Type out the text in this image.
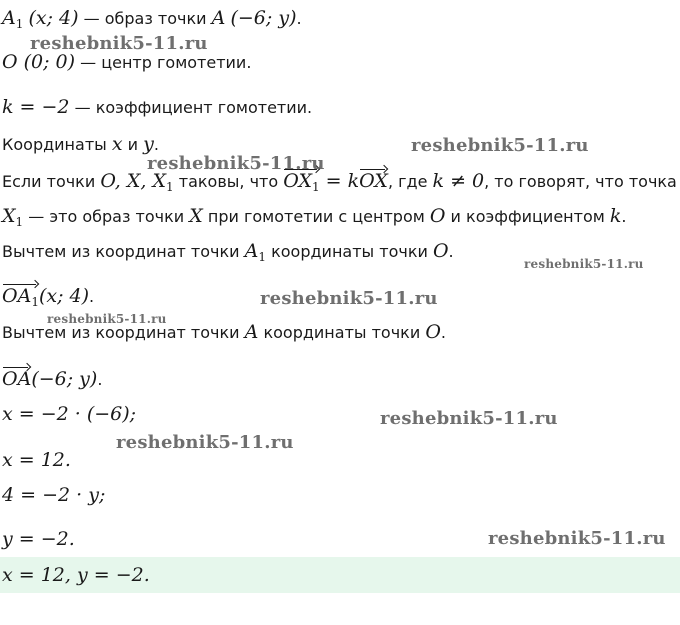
$A_1$ (x; 4) — образ точки A (−6; y).
O (0; 0) — центр гомотетии.
k = −2 — коэффициент гомотетии.
Координаты x и y.
Если точки O, X, $X_1$ таковы, что $OX_1$ = kOX, где k ≠ 0, то говорят, что точка
$X_1$ — это образ точки X при гомотетии с центром O и коэффициентом k.
Вычтем из координат точки $A_1$ координаты точки O.
$OA_1(x$; 4).
Вычтем из координат точки A координаты точки O.
OA(−6; y).
x = −2 · (−6);
x = 12.
4 = −2 · y;
y = −2.
x = 12, y = −2.
reshebnik5-11.ru
reshebnik5-11.ru
reshebnik5-11.ru
reshebnik5-11.ru
reshebnik5-11.ru
reshebnik5-11.ru
reshebnik5-11.ru
reshebnik5-11.ru
reshebnik5-11.ru
